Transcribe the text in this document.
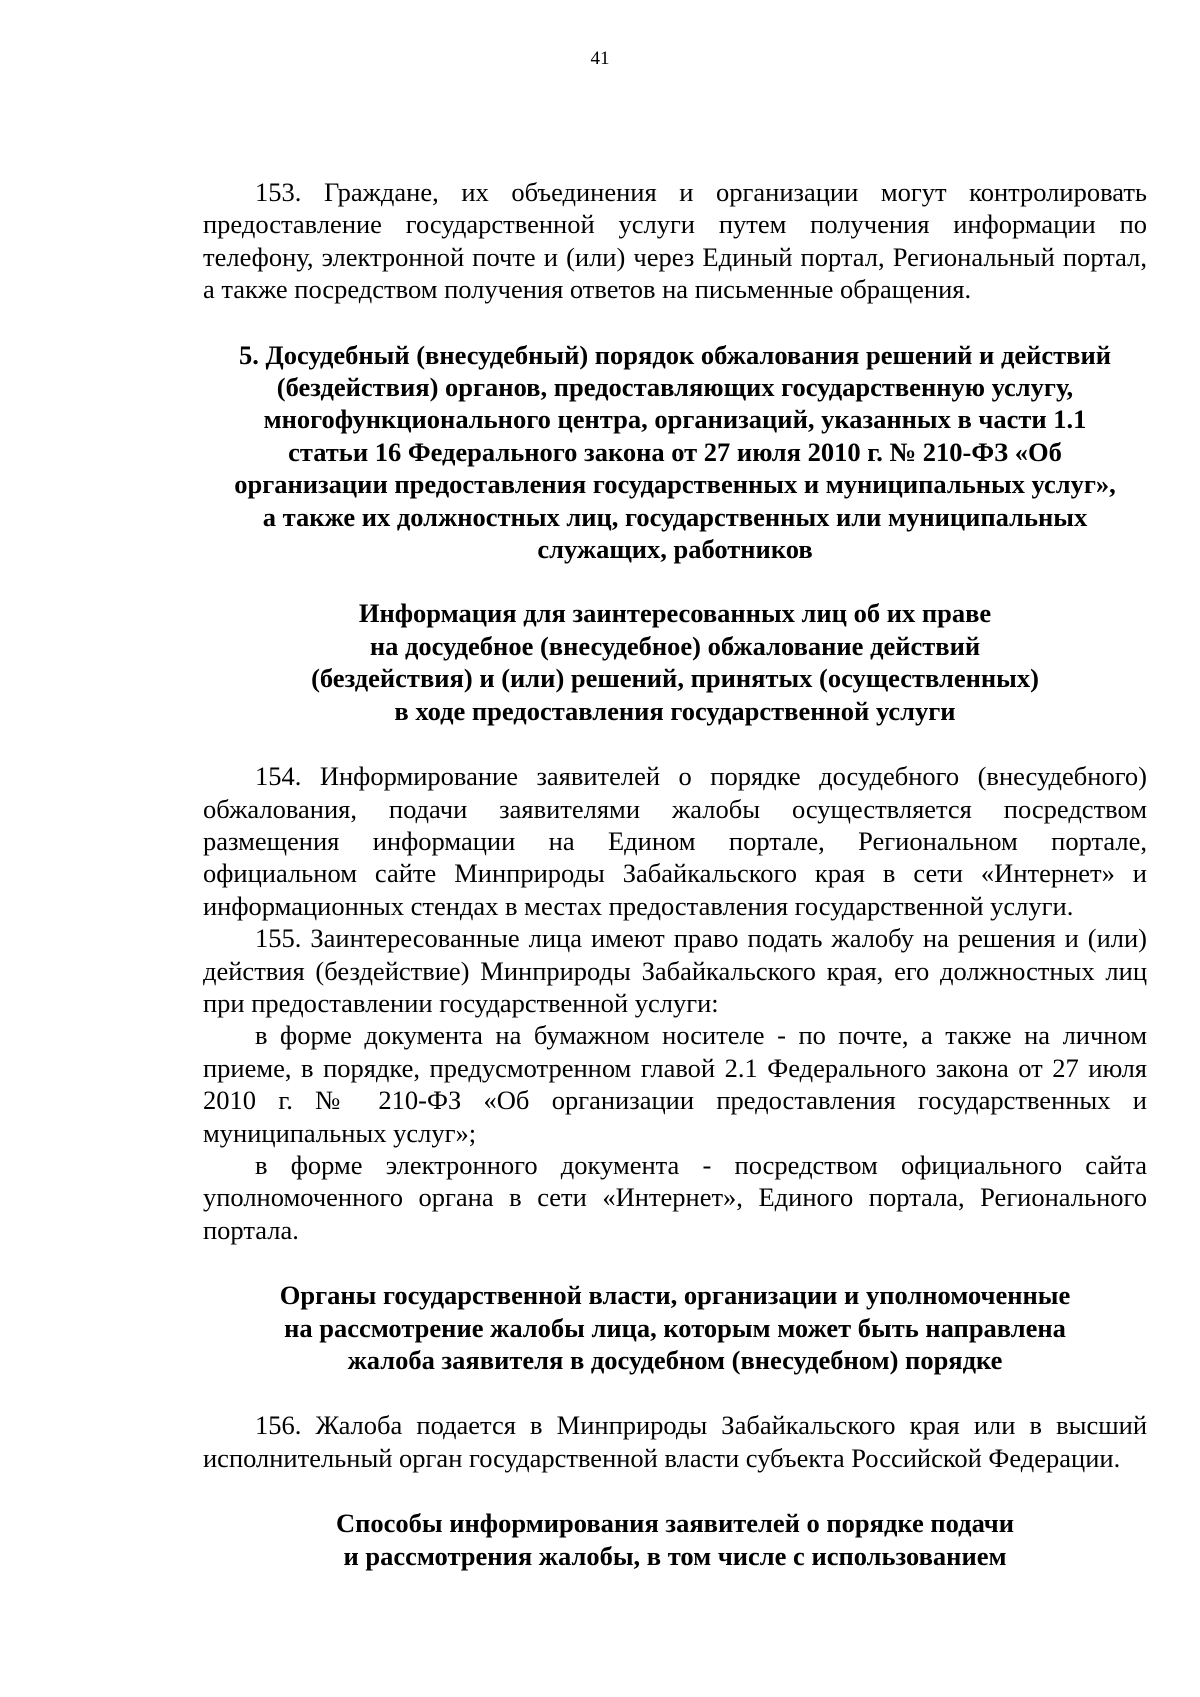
41

153. Граждане, их объединения и организации могут контролировать предоставление государственной услуги путем получения информации по телефону, электронной почте и (или) через Единый портал, Региональный портал, а также посредством получения ответов на письменные обращения.

5. Досудебный (внесудебный) порядок обжалования решений и действий
(бездействия) органов, предоставляющих государственную услугу,
многофункционального центра, организаций, указанных в части 1.1
статьи 16 Федерального закона от 27 июля 2010 г. № 210-ФЗ «Об
организации предоставления государственных и муниципальных услуг»,
а также их должностных лиц, государственных или муниципальных
служащих, работников
Информация для заинтересованных лиц об их праве
на досудебное (внесудебное) обжалование действий
(бездействия) и (или) решений, принятых (осуществленных)
в ходе предоставления государственной услуги

154. Информирование заявителей о порядке досудебного (внесудебного) обжалования, подачи заявителями жалобы осуществляется посредством размещения информации на Едином портале, Региональном портале, официальном сайте Минприроды Забайкальского края в сети «Интернет» и информационных стендах в местах предоставления государственной услуги.

155. Заинтересованные лица имеют право подать жалобу на решения и (или) действия (бездействие) Минприроды Забайкальского края, его должностных лиц при предоставлении государственной услуги:

в форме документа на бумажном носителе - по почте, а также на личном приеме, в порядке, предусмотренном главой 2.1 Федерального закона от 27 июля 2010 г. № 210-ФЗ «Об организации предоставления государственных и муниципальных услуг»;

в форме электронного документа - посредством официального сайта уполномоченного органа в сети «Интернет», Единого портала, Регионального портала.

Органы государственной власти, организации и уполномоченные
на рассмотрение жалобы лица, которым может быть направлена
жалоба заявителя в досудебном (внесудебном) порядке

156. Жалоба подается в Минприроды Забайкальского края или в высший исполнительный орган государственной власти субъекта Российской Федерации.

Способы информирования заявителей о порядке подачи
и рассмотрения жалобы, в том числе с использованием
